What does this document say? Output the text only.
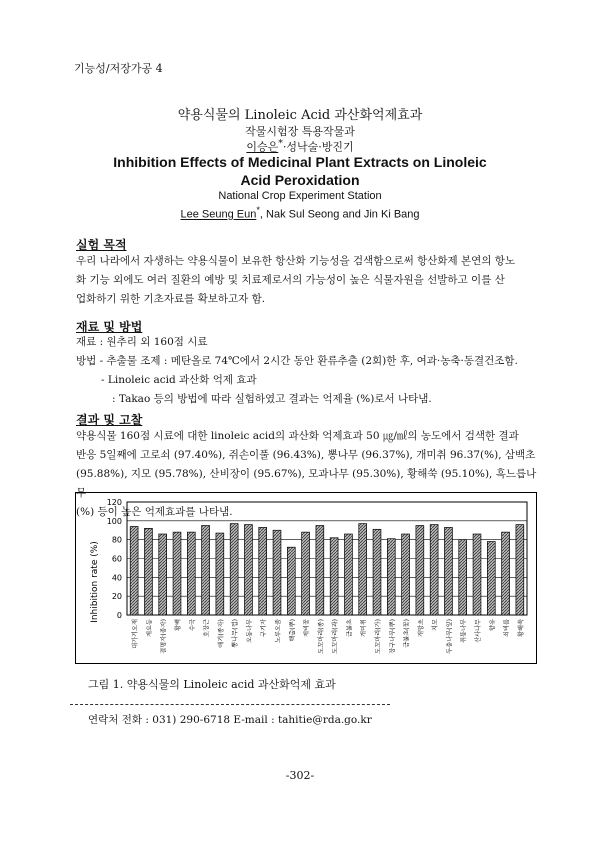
기능성/저장가공 4
약용식물의 Linoleic Acid 과산화억제효과
작물시험장 특용작물과
이승은*·성낙술·방진기
Inhibition Effects of Medicinal Plant Extracts on Linoleic
Acid Peroxidation
National Crop Experiment Station
Lee Seung Eun*, Nak Sul Seong and Jin Ki Bang
실험 목적
우리 나라에서 자생하는 약용식물이 보유한 항산화 기능성을 검색함으로써 항산화제 본연의 항노
화 기능 외에도 여러 질환의 예방 및 치료제로서의 가능성이 높은 식물자원을 선발하고 이를 산
업화하기 위한 기초자료를 확보하고자 함.
재료 및 방법
재료 : 원추리 외 160점 시료
방법 - 추출물 조제 : 메탄올로 74℃에서 2시간 동안 환류추출 (2회)한 후, 여과·농축·동결건조함.
- Linoleic acid 과산화 억제 효과
: Takao 등의 방법에 따라 실험하였고 결과는 억제율 (%)로서 나타냄.
결과 및 고찰
약용식물 160점 시료에 대한 linoleic acid의 과산화 억제효과 50 ㎍/㎖의 농도에서 검색한 결과
반응 5일째에 고로쇠 (97.40%), 쥐손이풀 (96.43%), 뽕나무 (96.37%), 개미취 96.37(%), 삼백초
(95.88%), 지모 (95.78%), 산비장이 (95.67%), 모과나무 (95.30%), 황해쑥 (95.10%), 흑느릅나무
(%) 등이 높은 억제효과를 나타냄.
Inhibition rate (%) 0
20
40
60
80
100
120
대가기오재 계요등 결명자(종자) 황백 수국 호장근 애기(종자) 뽕나무(껍) 오동나무 구기자 노루오줌 백출(뿌) 제비꽃 도꼬마리(종) 도꼬마리(과) 금불초 개미취 도꼬마리(가) 장구나무(뿌) 금불초(꽃) 개망초 지모 두충나무(잎) 쥐똥나무 산사나무 향유 쇠비름 황해쑥
그림 1. 약용식물의 Linoleic acid 과산화억제 효과
연락처 전화 : 031) 290-6718 E-mail : tahitie@rda.go.kr
-302-
